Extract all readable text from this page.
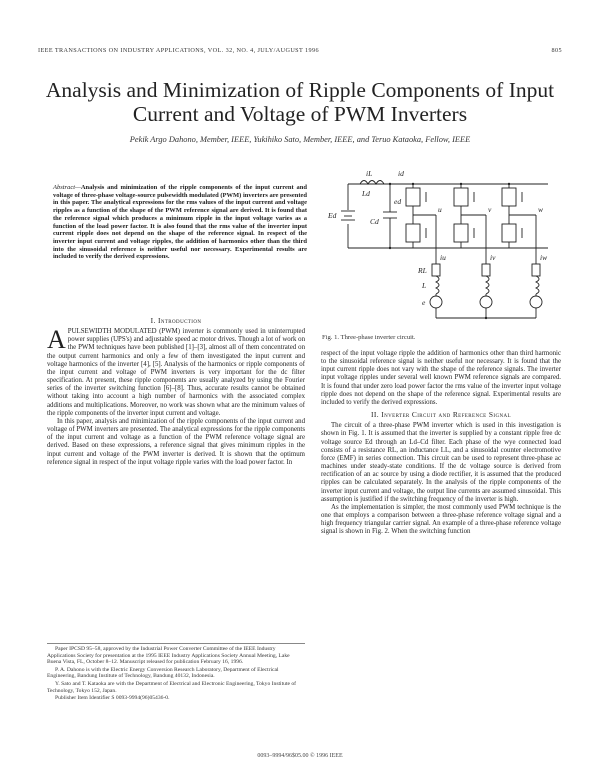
IEEE TRANSACTIONS ON INDUSTRY APPLICATIONS, VOL. 32, NO. 4, JULY/AUGUST 1996	805
Analysis and Minimization of Ripple Components of Input Current and Voltage of PWM Inverters
Pekik Argo Dahono, Member, IEEE, Yukihiko Sato, Member, IEEE, and Teruo Kataoka, Fellow, IEEE
Abstract—Analysis and minimization of the ripple components of the input current and voltage of three-phase voltage-source pulsewidth modulated (PWM) inverters are presented in this paper. The analytical expressions for the rms values of the input current and voltage ripples as a function of the shape of the PWM reference signal are derived. It is found that the reference signal which produces a minimum ripple in the input voltage varies as a function of the load power factor. It is also found that the rms value of the inverter input current ripple does not depend on the shape of the reference signal. In respect of the inverter input current and voltage ripples, the addition of harmonics other than the third into the sinusoidal reference is neither useful nor necessary. Experimental results are included to verify the derived expressions.
iL	id
Ld
Ed
Cd
ed
u	v	w
iu	iv	iw
RL
L
e
Fig. 1. Three-phase inverter circuit.
I. Introduction

APULSEWIDTH MODULATED (PWM) inverter is commonly used in uninterrupted power supplies (UPS's) and adjustable speed ac motor drives. Though a lot of work on the PWM techniques have been published [1]–[3], almost all of them concentrated on the output current harmonics and only a few of them investigated the input current and voltage harmonics of the inverter [4], [5]. Analysis of the harmonics or ripple components of the input current and voltage of PWM inverters is very important for the dc filter specification. At present, these ripple components are usually analyzed by using the Fourier series of the inverter switching function [6]–[8]. Thus, accurate results cannot be obtained without taking into account a high number of harmonics with the associated complex additions and multiplications. Moreover, no work was shown what are the minimum values of the ripple components of the inverter input current and voltage.

In this paper, analysis and minimization of the ripple components of the input current and voltage of PWM inverters are presented. The analytical expressions for the ripple components of the input current and voltage as a function of the PWM reference voltage signal are derived. Based on these expressions, a reference signal that gives minimum ripples in the input current and voltage of the PWM inverter is derived. It is shown that the optimum reference signal in respect of the input voltage ripple varies with the load power factor. In

respect of the input voltage ripple the addition of harmonics other than third harmonic to the sinusoidal reference signal is neither useful nor necessary. It is found that the input current ripple does not vary with the shape of the reference signals. The inverter input voltage ripples under several well known PWM reference signals are compared. It is found that under zero load power factor the rms value of the inverter input voltage ripple does not depend on the shape of the reference signal. Experimental results are included to verify the derived expressions.

II. Inverter Circuit and Reference Signal

The circuit of a three-phase PWM inverter which is used in this investigation is shown in Fig. 1. It is assumed that the inverter is supplied by a constant ripple free dc voltage source Ed through an Ld–Cd filter. Each phase of the wye connected load consists of a resistance RL, an inductance LL, and a sinusoidal counter electromotive force (EMF) in series connection. This circuit can be used to represent three-phase ac machines under steady-state conditions. If the dc voltage source is derived from rectification of an ac source by using a diode rectifier, it is assumed that the produced ripples can be calculated separately. In the analysis of the ripple components of the inverter input current and voltage, the output line currents are assumed sinusoidal. This assumption is justified if the switching frequency of the inverter is high.

As the implementation is simpler, the most commonly used PWM technique is the one that employs a comparison between a three-phase reference voltage signal and a high frequency triangular carrier signal. An example of a three-phase reference voltage signal is shown in Fig. 2. When the switching function

Paper IPCSD 95–58, approved by the Industrial Power Converter Committee of the IEEE Industry Applications Society for presentation at the 1995 IEEE Industry Applications Society Annual Meeting, Lake Buena Vista, FL, October 8–12. Manuscript released for publication February 16, 1996.

P. A. Dahono is with the Electric Energy Conversion Research Laboratory, Department of Electrical Engineering, Bandung Institute of Technology, Bandung 40132, Indonesia.

Y. Sato and T. Kataoka are with the Department of Electrical and Electronic Engineering, Tokyo Institute of Technology, Tokyo 152, Japan.

Publisher Item Identifier S 0093-9994(96)05436-0.

0093–9994/96$05.00 © 1996 IEEE
